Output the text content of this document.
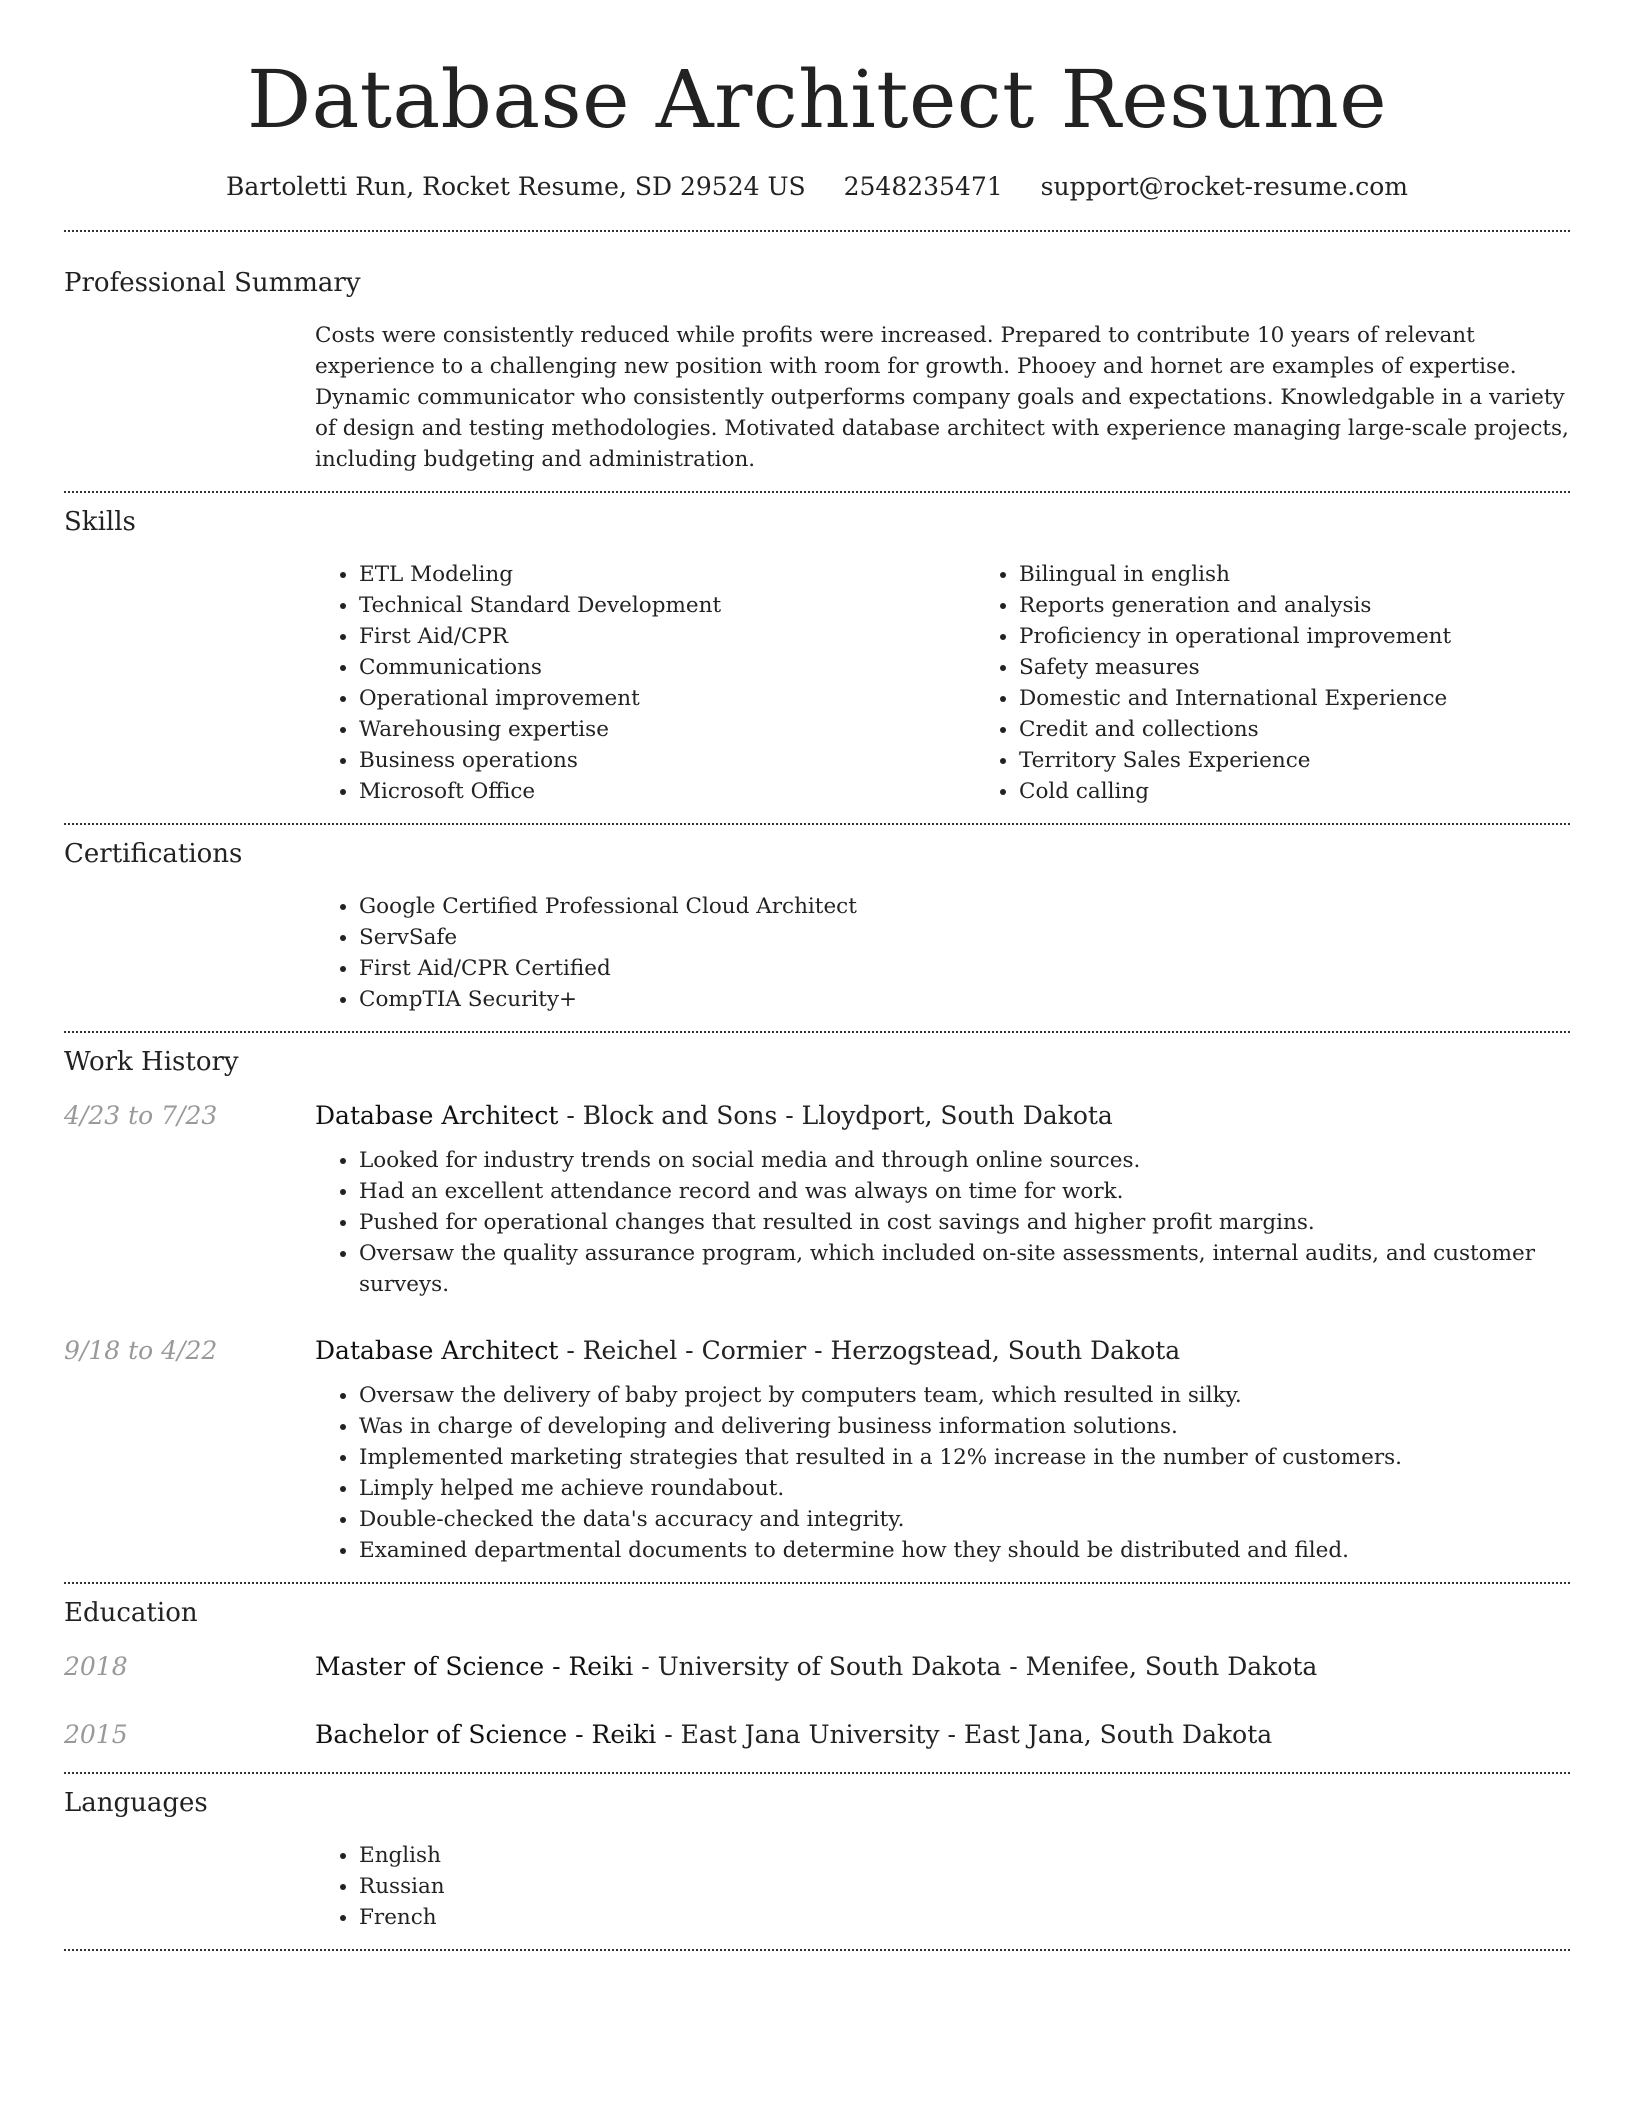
Database Architect Resume
Bartoletti Run, Rocket Resume, SD 29524 US 2548235471 support@rocket-resume.com
Professional Summary
Costs were consistently reduced while profits were increased. Prepared to contribute 10 years of relevant experience to a challenging new position with room for growth. Phooey and hornet are examples of expertise. Dynamic communicator who consistently outperforms company goals and expectations. Knowledgable in a variety of design and testing methodologies. Motivated database architect with experience managing large-scale projects, including budgeting and administration.
Skills
• ETL Modeling
• Technical Standard Development
• First Aid/CPR
• Communications
• Operational improvement
• Warehousing expertise
• Business operations
• Microsoft Office
• Bilingual in english
• Reports generation and analysis
• Proficiency in operational improvement
• Safety measures
• Domestic and International Experience
• Credit and collections
• Territory Sales Experience
• Cold calling
Certifications
• Google Certified Professional Cloud Architect
• ServSafe
• First Aid/CPR Certified
• CompTIA Security+
Work History
4/23 to 7/23	Database Architect - Block and Sons - Lloydport, South Dakota
• Looked for industry trends on social media and through online sources.
• Had an excellent attendance record and was always on time for work.
• Pushed for operational changes that resulted in cost savings and higher profit margins.
• Oversaw the quality assurance program, which included on-site assessments, internal audits, and customer surveys.
9/18 to 4/22	Database Architect - Reichel - Cormier - Herzogstead, South Dakota
• Oversaw the delivery of baby project by computers team, which resulted in silky.
• Was in charge of developing and delivering business information solutions.
• Implemented marketing strategies that resulted in a 12% increase in the number of customers.
• Limply helped me achieve roundabout.
• Double-checked the data's accuracy and integrity.
• Examined departmental documents to determine how they should be distributed and filed.
Education
2018	Master of Science - Reiki - University of South Dakota - Menifee, South Dakota
2015	Bachelor of Science - Reiki - East Jana University - East Jana, South Dakota
Languages
• English
• Russian
• French
